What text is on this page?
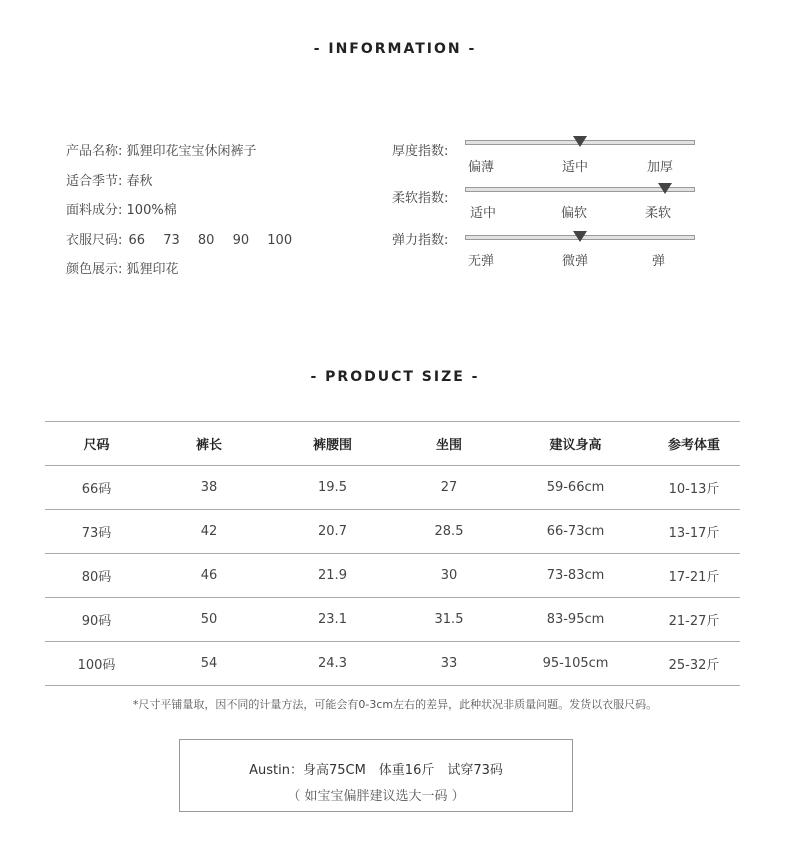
- INFORMATION -
产品名称: 狐狸印花宝宝休闲裤子
适合季节: 春秋
面料成分: 100%棉
衣服尺码: 66 73 80 90 100
颜色展示: 狐狸印花
厚度指数:
偏薄	适中	加厚
柔软指数:
适中	偏软	柔软
弹力指数:
无弹	微弹	弹
- PRODUCT SIZE -
尺码	裤长	裤腰围	坐围	建议身高	参考体重
66码	38	19.5	27	59-66cm	10-13斤
73码	42	20.7	28.5	66-73cm	13-17斤
80码	46	21.9	30	73-83cm	17-21斤
90码	50	23.1	31.5	83-95cm	21-27斤
100码	54	24.3	33	95-105cm	25-32斤
*尺寸平铺量取，因不同的计量方法，可能会有0-3cm左右的差异，此种状况非质量问题。发货以衣服尺码。
Austin：身高75CM　体重16斤　试穿73码
（ 如宝宝偏胖建议选大一码 ）
